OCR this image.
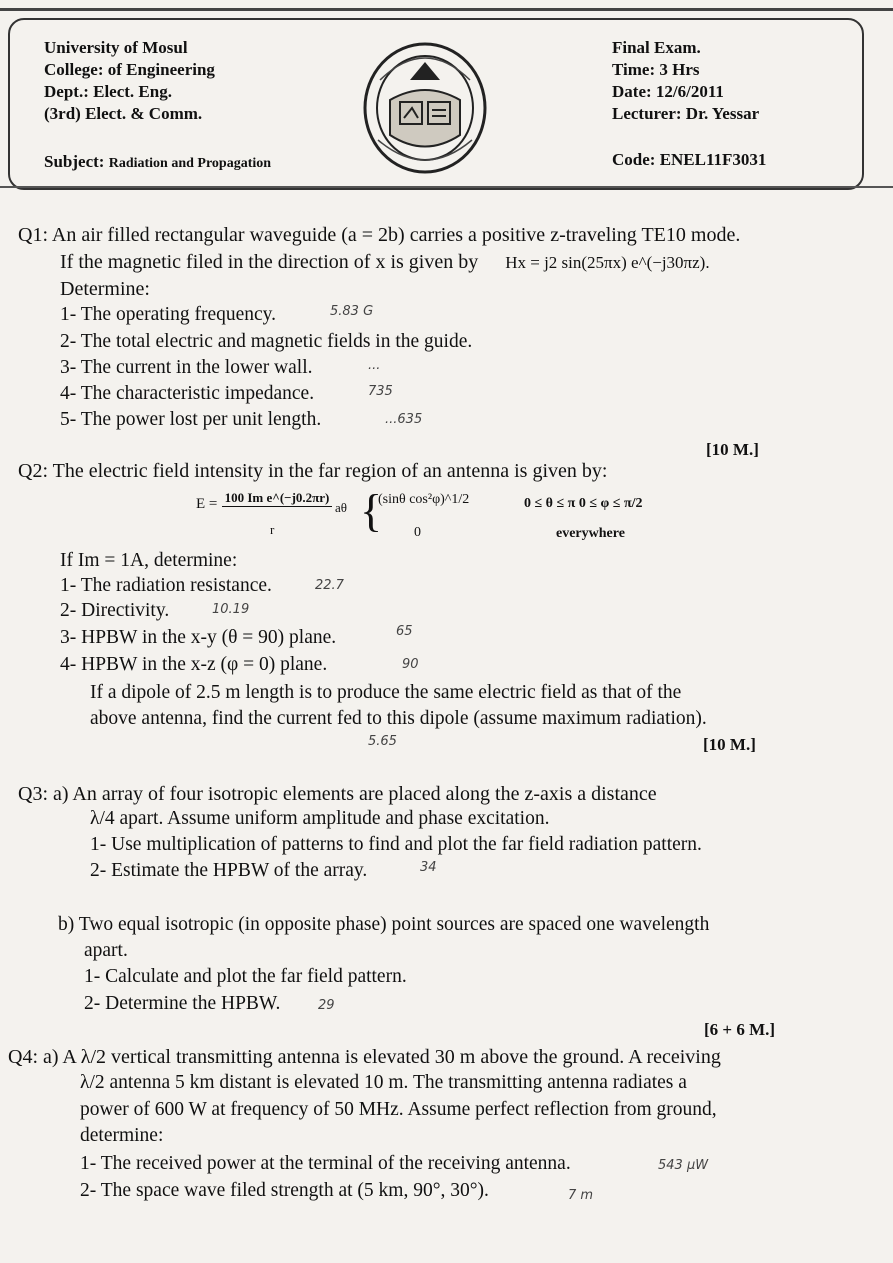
University of Mosul
College: of Engineering
Dept.: Elect. Eng.
(3rd) Elect. & Comm.
Final Exam.
Time: 3 Hrs
Date: 12/6/2011
Lecturer: Dr. Yessar
Subject: Radiation and Propagation	Code: ENEL11F3031
Q1: An air filled rectangular waveguide (a = 2b) carries a positive z-traveling TE10 mode.
If the magnetic filed in the direction of x is given by Hx = j2 sin(25πx) e^(−j30πz).
Determine:
1- The operating frequency.
2- The total electric and magnetic fields in the guide.
3- The current in the lower wall.
4- The characteristic impedance.
5- The power lost per unit length.
5.83 G
...
735
...635
[10 M.]
Q2: The electric field intensity in the far region of an antenna is given by:
E = 100 Im e^(−j0.2πr)
r
aθ {
(sinθ cos²φ)^1/2	0 ≤ θ ≤ π 0 ≤ φ ≤ π/2
0	everywhere
If Im = 1A, determine:
1- The radiation resistance.
2- Directivity.
3- HPBW in the x-y (θ = 90) plane.
4- HPBW in the x-z (φ = 0) plane.
If a dipole of 2.5 m length is to produce the same electric field as that of the
above antenna, find the current fed to this dipole (assume maximum radiation).
22.7
10.19
65
90
5.65	[10 M.]
Q3: a) An array of four isotropic elements are placed along the z-axis a distance
λ/4 apart. Assume uniform amplitude and phase excitation.
1- Use multiplication of patterns to find and plot the far field radiation pattern.
2- Estimate the HPBW of the array.	34
b) Two equal isotropic (in opposite phase) point sources are spaced one wavelength
apart.
1- Calculate and plot the far field pattern.
2- Determine the HPBW.	29
[6 + 6 M.]
Q4: a) A λ/2 vertical transmitting antenna is elevated 30 m above the ground. A receiving
λ/2 antenna 5 km distant is elevated 10 m. The transmitting antenna radiates a
power of 600 W at frequency of 50 MHz. Assume perfect reflection from ground,
determine:
1- The received power at the terminal of the receiving antenna.
2- The space wave filed strength at (5 km, 90°, 30°).
543 μW
7 m
